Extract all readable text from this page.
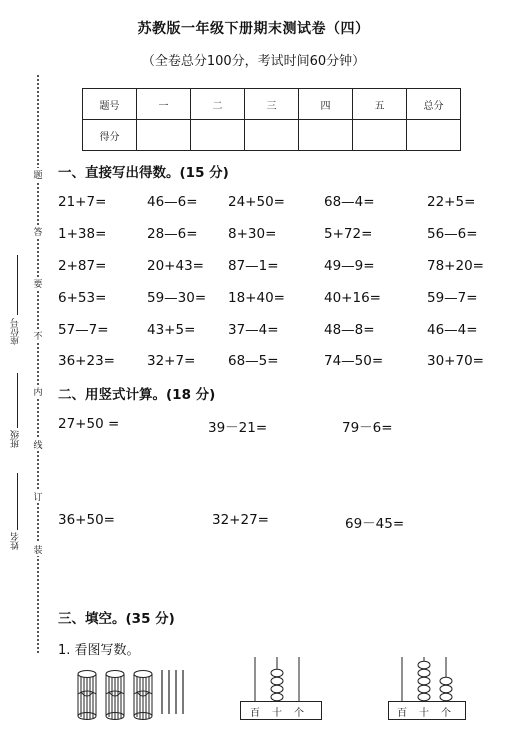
苏教版一年级下册期末测试卷（四）
（全卷总分100分，考试时间60分钟）
题号	一	二	三	四	五	总分
得分						
题
答
要
不
内
线
订
装
座位号
班级
姓名
一、直接写出得数。(15 分)
21+7=	46—6= 24+50=	68—4=	22+5=
1+38=	28—6= 8+30=	5+72=	56—6=
2+87=	20+43= 87—1=	49—9=	78+20=
6+53=	59—30= 18+40=	40+16=	59—7=
57—7=	43+5= 37—4=	48—8=	46—4=
36+23= 32+7= 68—5=	74—50=	30+70=
二、用竖式计算。(18 分)
27+50 =	39－21=	79－6=
36+50=	32+27=	69－45=
三、填空。(35 分)
1. 看图写数。
百 十 个	百 十 个
